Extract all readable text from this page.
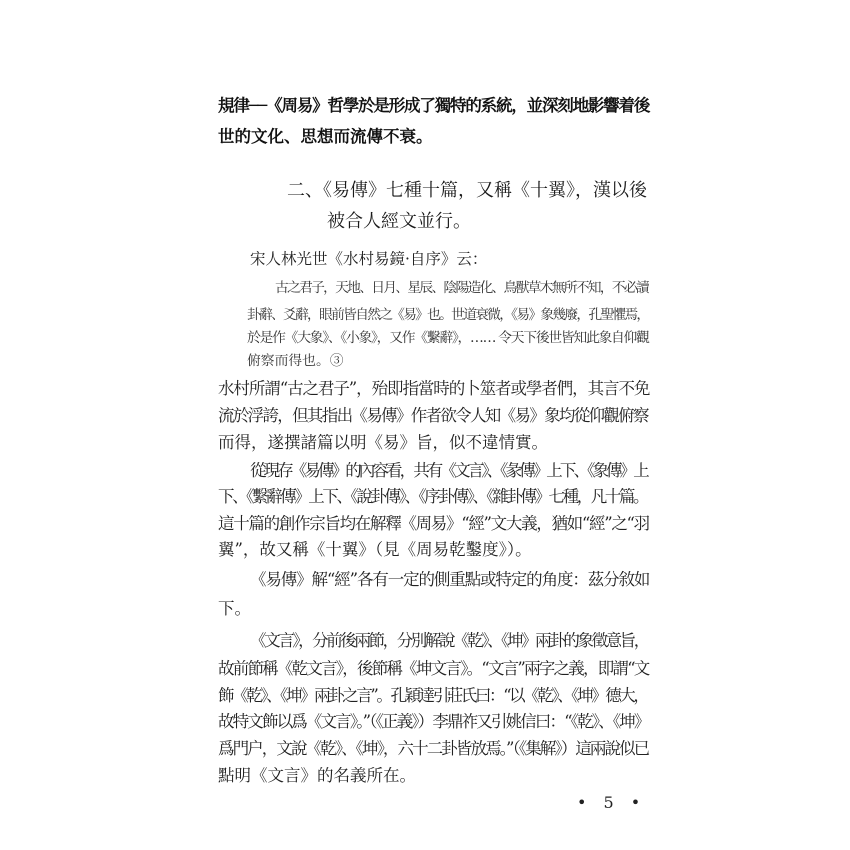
規律──《周易》哲學於是形成了獨特的系統，並深刻地影響着後
世的文化、思想而流傳不衰。
二、《易傳》七種十篇，又稱《十翼》，漢以後
被合人經文並行。
宋人林光世《水村易鏡·自序》云：
古之君子，天地、日月、星辰、陰陽造化、鳥獸草木無所不知，不必讀
卦辭、爻辭，眼前皆自然之《易》也。世道衰微，《易》象幾廢，孔聖懼焉，
於是作《大象》、《小象》，又作《繫辭》，…… 令天下後世皆知此象自仰觀
俯察而得也。③
水村所謂“古之君子”，殆即指當時的卜筮者或學者們，其言不免
流於浮誇，但其指出《易傳》作者欲令人知《易》象均從仰觀俯察
而得，遂撰諸篇以明《易》旨，似不違情實。
從現存《易傳》的內容看，共有《文言》、《彖傳》上下、《象傳》上
下、《繫辭傳》上下、《說卦傳》、《序卦傳》、《雜卦傳》七種，凡十篇。
這十篇的創作宗旨均在解釋《周易》“經”文大義，猶如“經”之“羽
翼”，故又稱《十翼》（見《周易乾鑿度》）。
《易傳》解“經”各有一定的側重點或特定的角度：茲分敘如
下。
《文言》，分前後兩節，分別解說《乾》、《坤》兩卦的象徵意旨，
故前節稱《乾文言》，後節稱《坤文言》。“文言”兩字之義，即謂“文
飾《乾》、《坤》兩卦之言”。孔穎達引莊氏曰：“以《乾》、《坤》德大，
故特文飾以爲《文言》。”（《正義》）李鼎祚又引姚信曰：“《乾》、《坤》
爲門户，文說《乾》、《坤》，六十二卦皆放焉。”（《集解》）這兩說似已
點明《文言》的名義所在。
• 5 •
